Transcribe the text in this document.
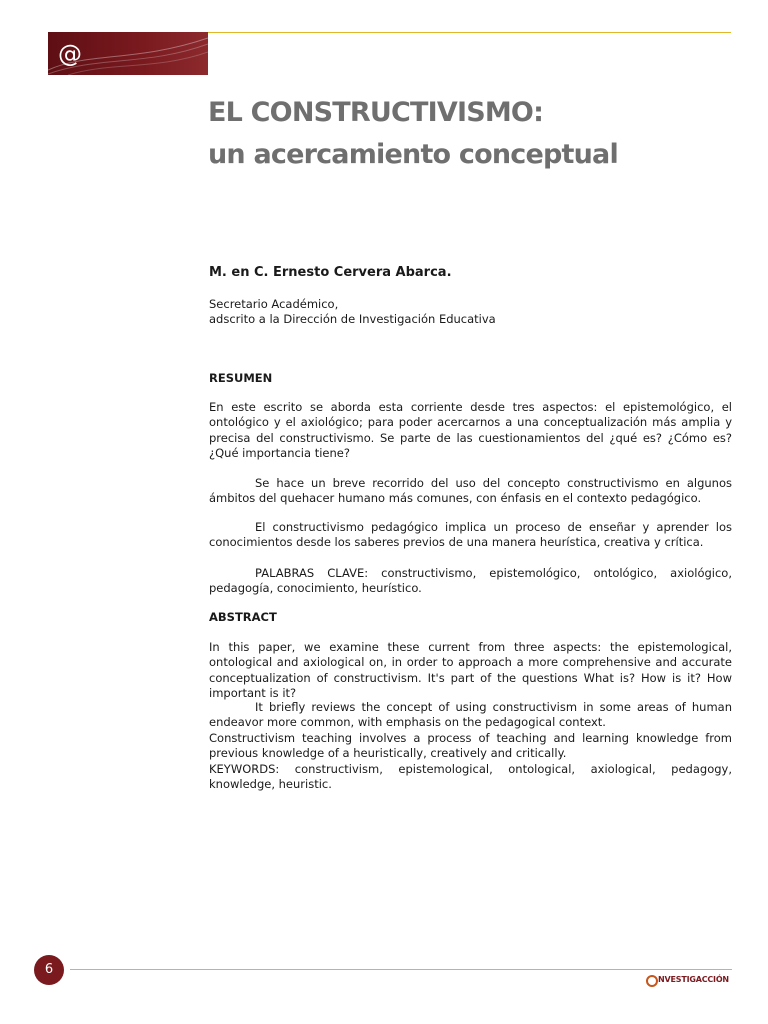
@
EL CONSTRUCTIVISMO:
un acercamiento conceptual
M. en C. Ernesto Cervera Abarca.
Secretario Académico,
adscrito a la Dirección de Investigación Educativa
RESUMEN
En este escrito se aborda esta corriente desde tres aspectos: el epistemológico, el ontológico y el axiológico; para poder acercarnos a una conceptualización más amplia y precisa del constructivismo. Se parte de las cuestionamientos del ¿qué es? ¿Cómo es? ¿Qué importancia tiene?
Se hace un breve recorrido del uso del concepto constructivismo en algunos ámbitos del quehacer humano más comunes, con énfasis en el contexto pedagógico.
El constructivismo pedagógico implica un proceso de enseñar y aprender los conocimientos desde los saberes previos de una manera heurística, creativa y crítica.
PALABRAS CLAVE: constructivismo, epistemológico, ontológico, axiológico, pedagogía, conocimiento, heurístico.
ABSTRACT
In this paper, we examine these current from three aspects: the epistemological, ontological and axiological on, in order to approach a more comprehensive and accurate conceptualization of constructivism. It's part of the questions What is? How is it? How important is it?
It briefly reviews the concept of using constructivism in some areas of human endeavor more common, with emphasis on the pedagogical context.
Constructivism teaching involves a process of teaching and learning knowledge from previous knowledge of a heuristically, creatively and critically.
KEYWORDS: constructivism, epistemological, ontological, axiological, pedagogy, knowledge, heuristic.
6
NVESTIGACCIÓN
